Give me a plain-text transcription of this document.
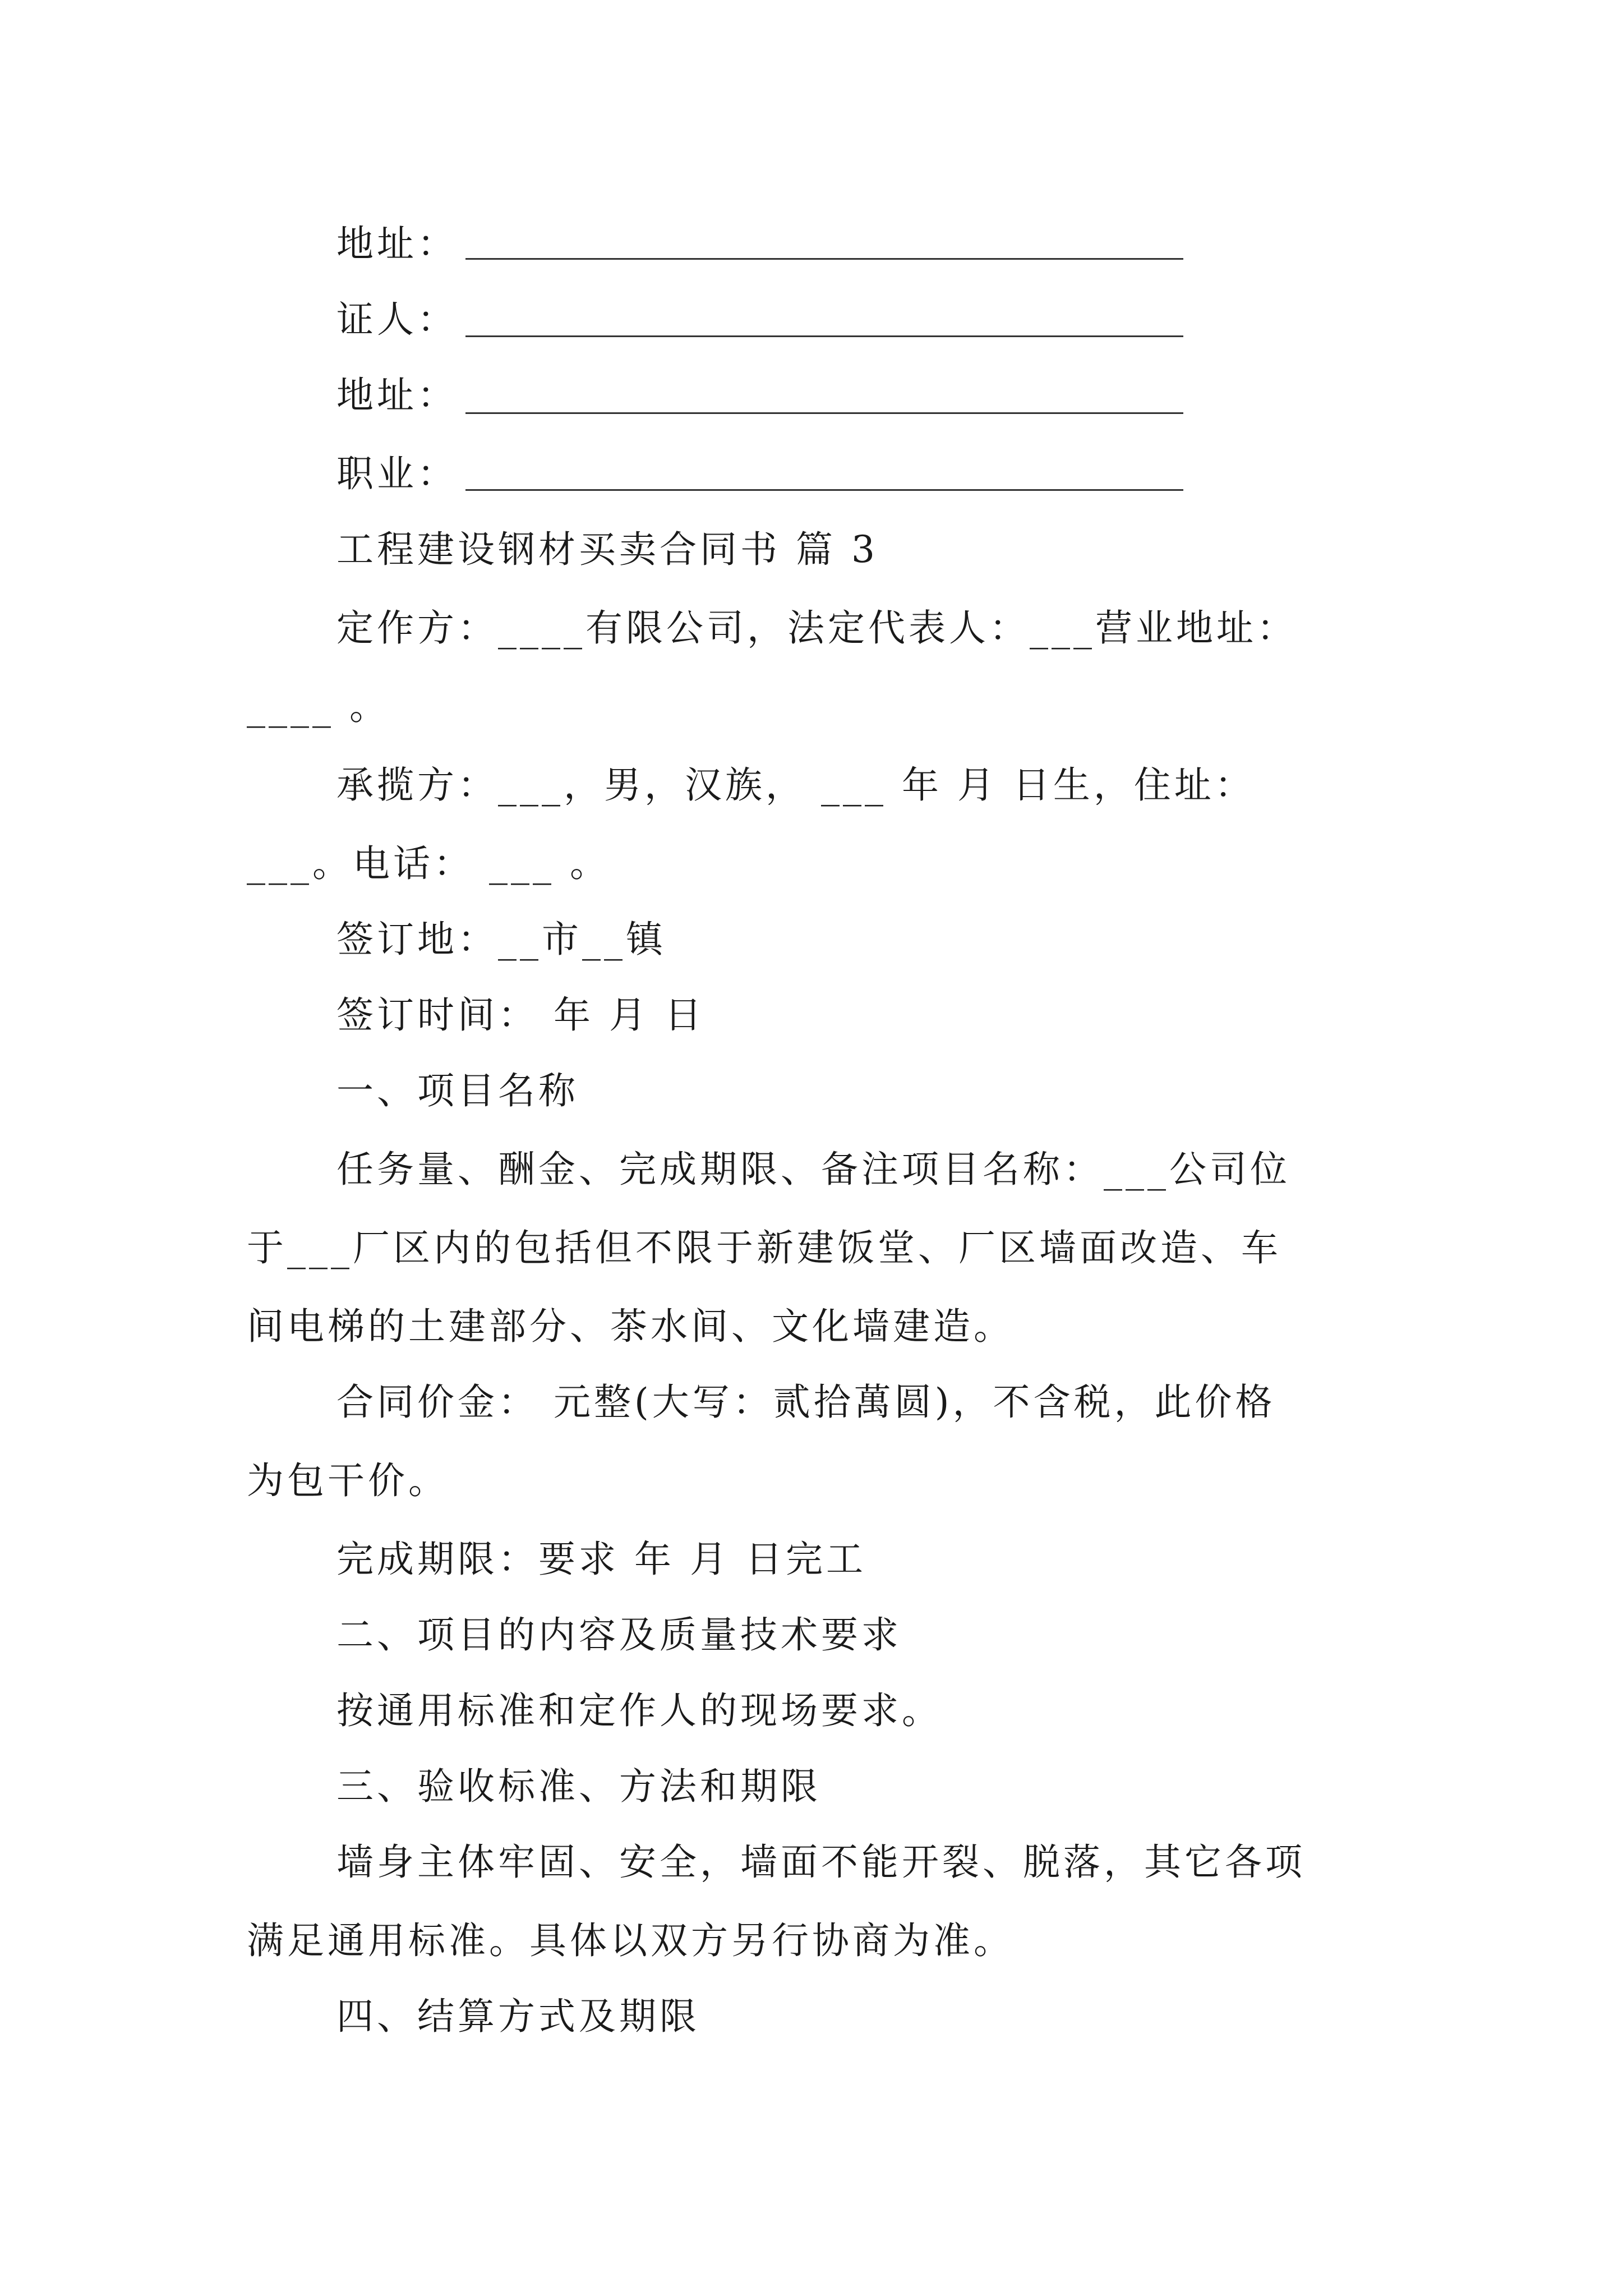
地址：
证人：
地址：
职业：
工程建设钢材买卖合同书 篇 3
定作方：____有限公司，法定代表人：___营业地址：
____ 。
承揽方：___，男，汉族， ___ 年 月 日生，住址：
___。电话： ___ 。
签订地：__市__镇
签订时间： 年 月 日
一、项目名称
任务量、酬金、完成期限、备注项目名称：___公司位
于___厂区内的包括但不限于新建饭堂、厂区墙面改造、车
间电梯的土建部分、茶水间、文化墙建造。
合同价金： 元整(大写：贰拾萬圆)，不含税，此价格
为包干价。
完成期限：要求 年 月 日完工
二、项目的内容及质量技术要求
按通用标准和定作人的现场要求。
三、验收标准、方法和期限
墙身主体牢固、安全，墙面不能开裂、脱落，其它各项
满足通用标准。具体以双方另行协商为准。
四、结算方式及期限
